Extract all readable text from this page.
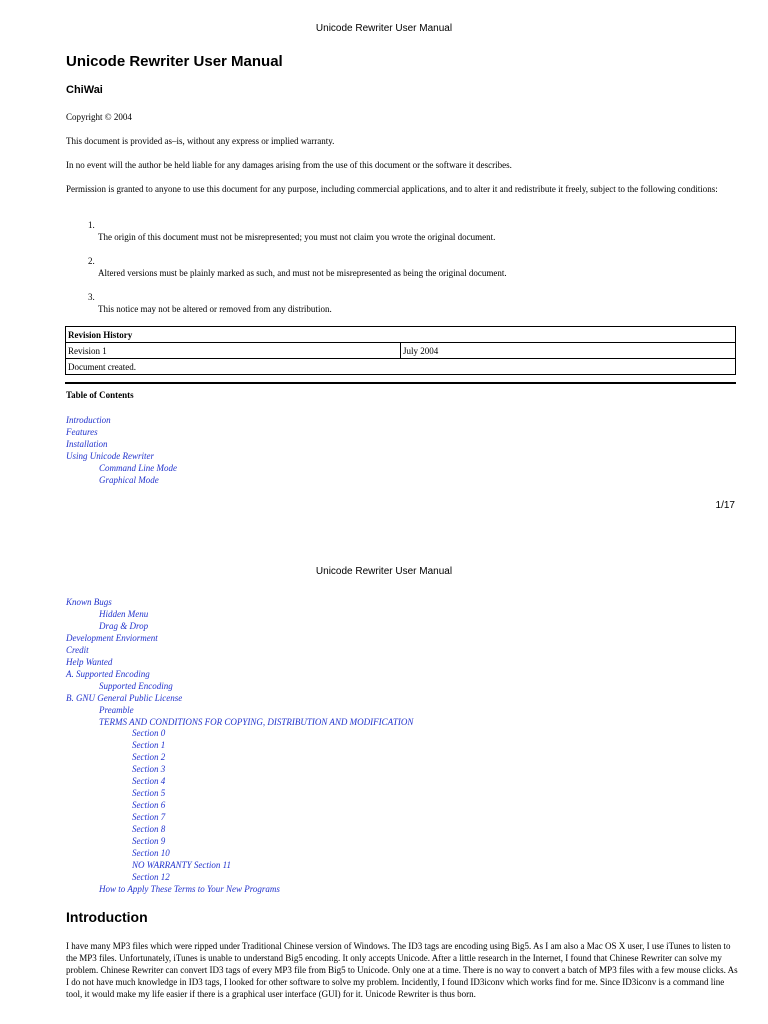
Unicode Rewriter User Manual
Unicode Rewriter User Manual
ChiWai

Copyright © 2004

This document is provided as–is, without any express or implied warranty.

In no event will the author be held liable for any damages arising from the use of this document or the software it describes.

Permission is granted to anyone to use this document for any purpose, including commercial applications, and to alter it and redistribute it freely, subject to the following conditions:

1.
The origin of this document must not be misrepresented; you must not claim you wrote the original document.
2.
Altered versions must be plainly marked as such, and must not be misrepresented as being the original document.
3.
This notice may not be altered or removed from any distribution.
Revision History
Revision 1	July 2004
Document created.
Table of Contents
Introduction
Features
Installation
Using Unicode Rewriter
Command Line Mode
Graphical Mode
1/17
Unicode Rewriter User Manual
Known Bugs
Hidden Menu
Drag & Drop
Development Enviorment
Credit
Help Wanted
A. Supported Encoding
Supported Encoding
B. GNU General Public License
Preamble
TERMS AND CONDITIONS FOR COPYING, DISTRIBUTION AND MODIFICATION
Section 0
Section 1
Section 2
Section 3
Section 4
Section 5
Section 6
Section 7
Section 8
Section 9
Section 10
NO WARRANTY Section 11
Section 12
How to Apply These Terms to Your New Programs
Introduction

I have many MP3 files which were ripped under Traditional Chinese version of Windows. The ID3 tags are encoding using Big5. As I am also a Mac OS X user, I use iTunes to listen to the MP3 files. Unfortunately, iTunes is unable to understand Big5 encoding. It only accepts Unicode. After a little research in the Internet, I found that Chinese Rewriter can solve my problem. Chinese Rewriter can convert ID3 tags of every MP3 file from Big5 to Unicode. Only one at a time. There is no way to convert a batch of MP3 files with a few mouse clicks. As I do not have much knowledge in ID3 tags, I looked for other software to solve my problem. Incidently, I found ID3iconv which works find for me. Since ID3iconv is a command line tool, it would make my life easier if there is a graphical user interface (GUI) for it. Unicode Rewriter is thus born.
